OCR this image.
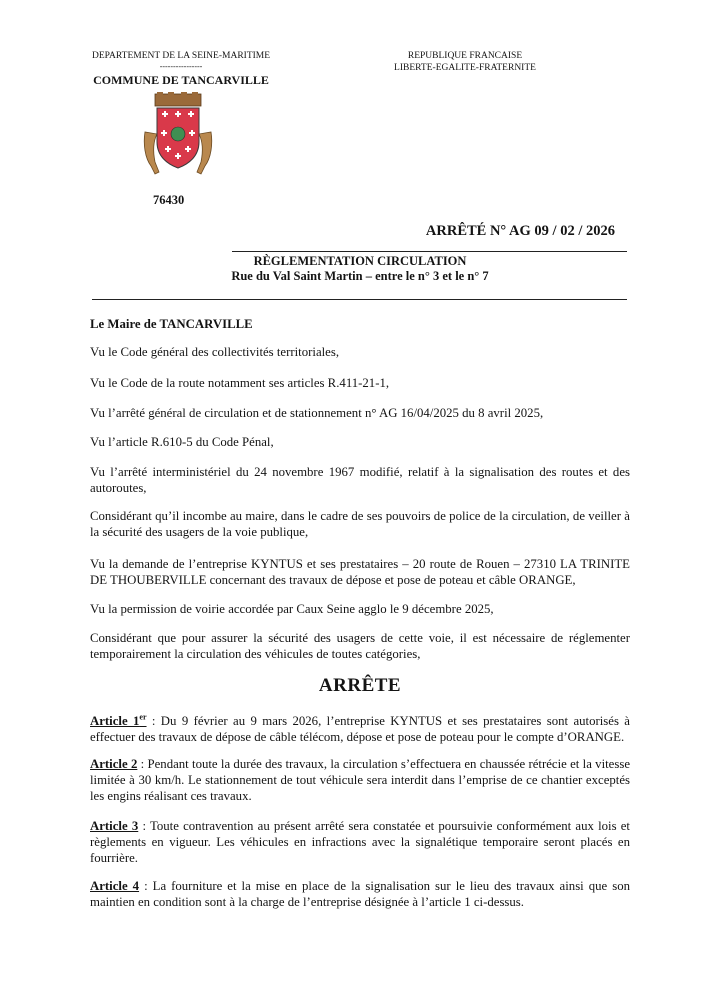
DEPARTEMENT DE LA SEINE-MARITIME
----------------
COMMUNE DE TANCARVILLE
REPUBLIQUE FRANCAISE
LIBERTE-EGALITE-FRATERNITE
76430
ARRÊTÉ N° AG 09 / 02 / 2026
RÈGLEMENTATION CIRCULATION
Rue du Val Saint Martin – entre le n° 3 et le n° 7
Le Maire de TANCARVILLE
Vu le Code général des collectivités territoriales,
Vu le Code de la route notamment ses articles R.411-21-1,
Vu l’arrêté général de circulation et de stationnement n° AG 16/04/2025 du 8 avril 2025,
Vu l’article R.610-5 du Code Pénal,
Vu l’arrêté interministériel du 24 novembre 1967 modifié, relatif à la signalisation des routes et des autoroutes,
Considérant qu’il incombe au maire, dans le cadre de ses pouvoirs de police de la circulation, de veiller à la sécurité des usagers de la voie publique,
Vu la demande de l’entreprise KYNTUS et ses prestataires – 20 route de Rouen – 27310 LA TRINITE DE THOUBERVILLE concernant des travaux de dépose et pose de poteau et câble ORANGE,
Vu la permission de voirie accordée par Caux Seine agglo le 9 décembre 2025,
Considérant que pour assurer la sécurité des usagers de cette voie, il est nécessaire de réglementer temporairement la circulation des véhicules de toutes catégories,
ARRÊTE
Article 1er : Du 9 février au 9 mars 2026, l’entreprise KYNTUS et ses prestataires sont autorisés à effectuer des travaux de dépose de câble télécom, dépose et pose de poteau pour le compte d’ORANGE.
Article 2 : Pendant toute la durée des travaux, la circulation s’effectuera en chaussée rétrécie et la vitesse limitée à 30 km/h. Le stationnement de tout véhicule sera interdit dans l’emprise de ce chantier exceptés les engins réalisant ces travaux.
Article 3 : Toute contravention au présent arrêté sera constatée et poursuivie conformément aux lois et règlements en vigueur. Les véhicules en infractions avec la signalétique temporaire seront placés en fourrière.
Article 4 : La fourniture et la mise en place de la signalisation sur le lieu des travaux ainsi que son maintien en condition sont à la charge de l’entreprise désignée à l’article 1 ci-dessus.
